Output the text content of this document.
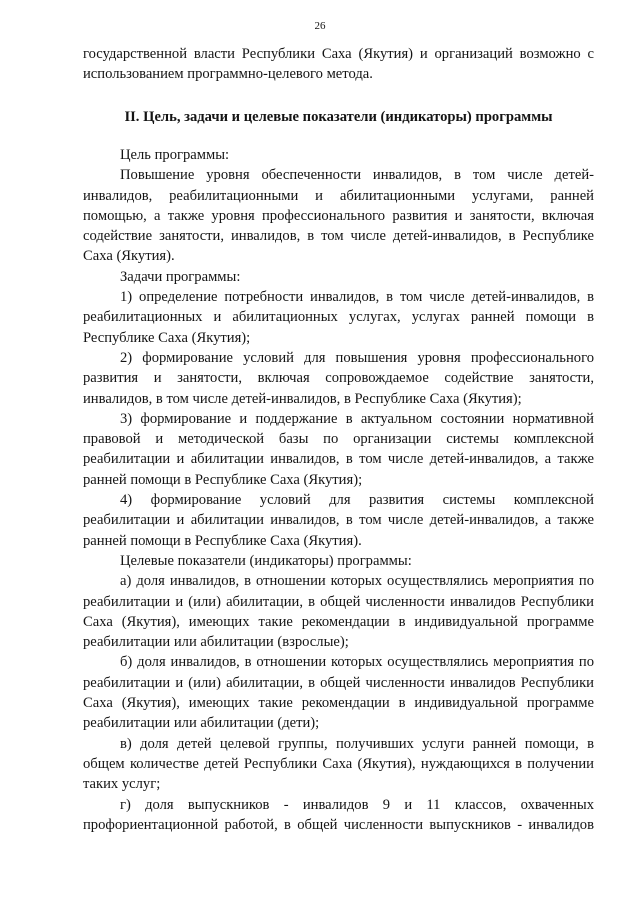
26

государственной власти Республики Саха (Якутия) и организаций возможно с использованием программно-целевого метода.

II. Цель, задачи и целевые показатели (индикаторы) программы

Цель программы:

Повышение уровня обеспеченности инвалидов, в том числе детей-инвалидов, реабилитационными и абилитационными услугами, ранней помощью, а также уровня профессионального развития и занятости, включая содействие занятости, инвалидов, в том числе детей-инвалидов, в Республике Саха (Якутия).

Задачи программы:

1) определение потребности инвалидов, в том числе детей-инвалидов, в реабилитационных и абилитационных услугах, услугах ранней помощи в Республике Саха (Якутия);

2) формирование условий для повышения уровня профессионального развития и занятости, включая сопровождаемое содействие занятости, инвалидов, в том числе детей-инвалидов, в Республике Саха (Якутия);

3) формирование и поддержание в актуальном состоянии нормативной правовой и методической базы по организации системы комплексной реабилитации и абилитации инвалидов, в том числе детей-инвалидов, а также ранней помощи в Республике Саха (Якутия);

4) формирование условий для развития системы комплексной реабилитации и абилитации инвалидов, в том числе детей-инвалидов, а также ранней помощи в Республике Саха (Якутия).

Целевые показатели (индикаторы) программы:

а) доля инвалидов, в отношении которых осуществлялись мероприятия по реабилитации и (или) абилитации, в общей численности инвалидов Республики Саха (Якутия), имеющих такие рекомендации в индивидуальной программе реабилитации или абилитации (взрослые);

б) доля инвалидов, в отношении которых осуществлялись мероприятия по реабилитации и (или) абилитации, в общей численности инвалидов Республики Саха (Якутия), имеющих такие рекомендации в индивидуальной программе реабилитации или абилитации (дети);

в) доля детей целевой группы, получивших услуги ранней помощи, в общем количестве детей Республики Саха (Якутия), нуждающихся в получении таких услуг;

г) доля выпускников - инвалидов 9 и 11 классов, охваченных профориентационной работой, в общей численности выпускников - инвалидов
